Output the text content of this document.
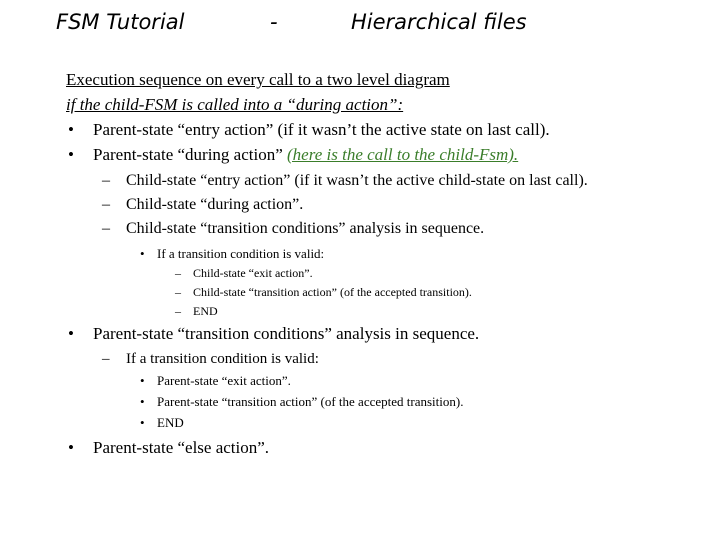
FSM Tutorial	-	Hierarchical files
Execution sequence on every call to a two level diagram
if the child-FSM is called into a “during action”:
• Parent-state “entry action” (if it wasn’t the active state on last call).
• Parent-state “during action” (here is the call to the child-Fsm).
– Child-state “entry action” (if it wasn’t the active child-state on last call).
– Child-state “during action”.
– Child-state “transition conditions” analysis in sequence.
• If a transition condition is valid:
– Child-state “exit action”.
– Child-state “transition action” (of the accepted transition).
– END
• Parent-state “transition conditions” analysis in sequence.
– If a transition condition is valid:
• Parent-state “exit action”.
• Parent-state “transition action” (of the accepted transition).
• END
• Parent-state “else action”.
